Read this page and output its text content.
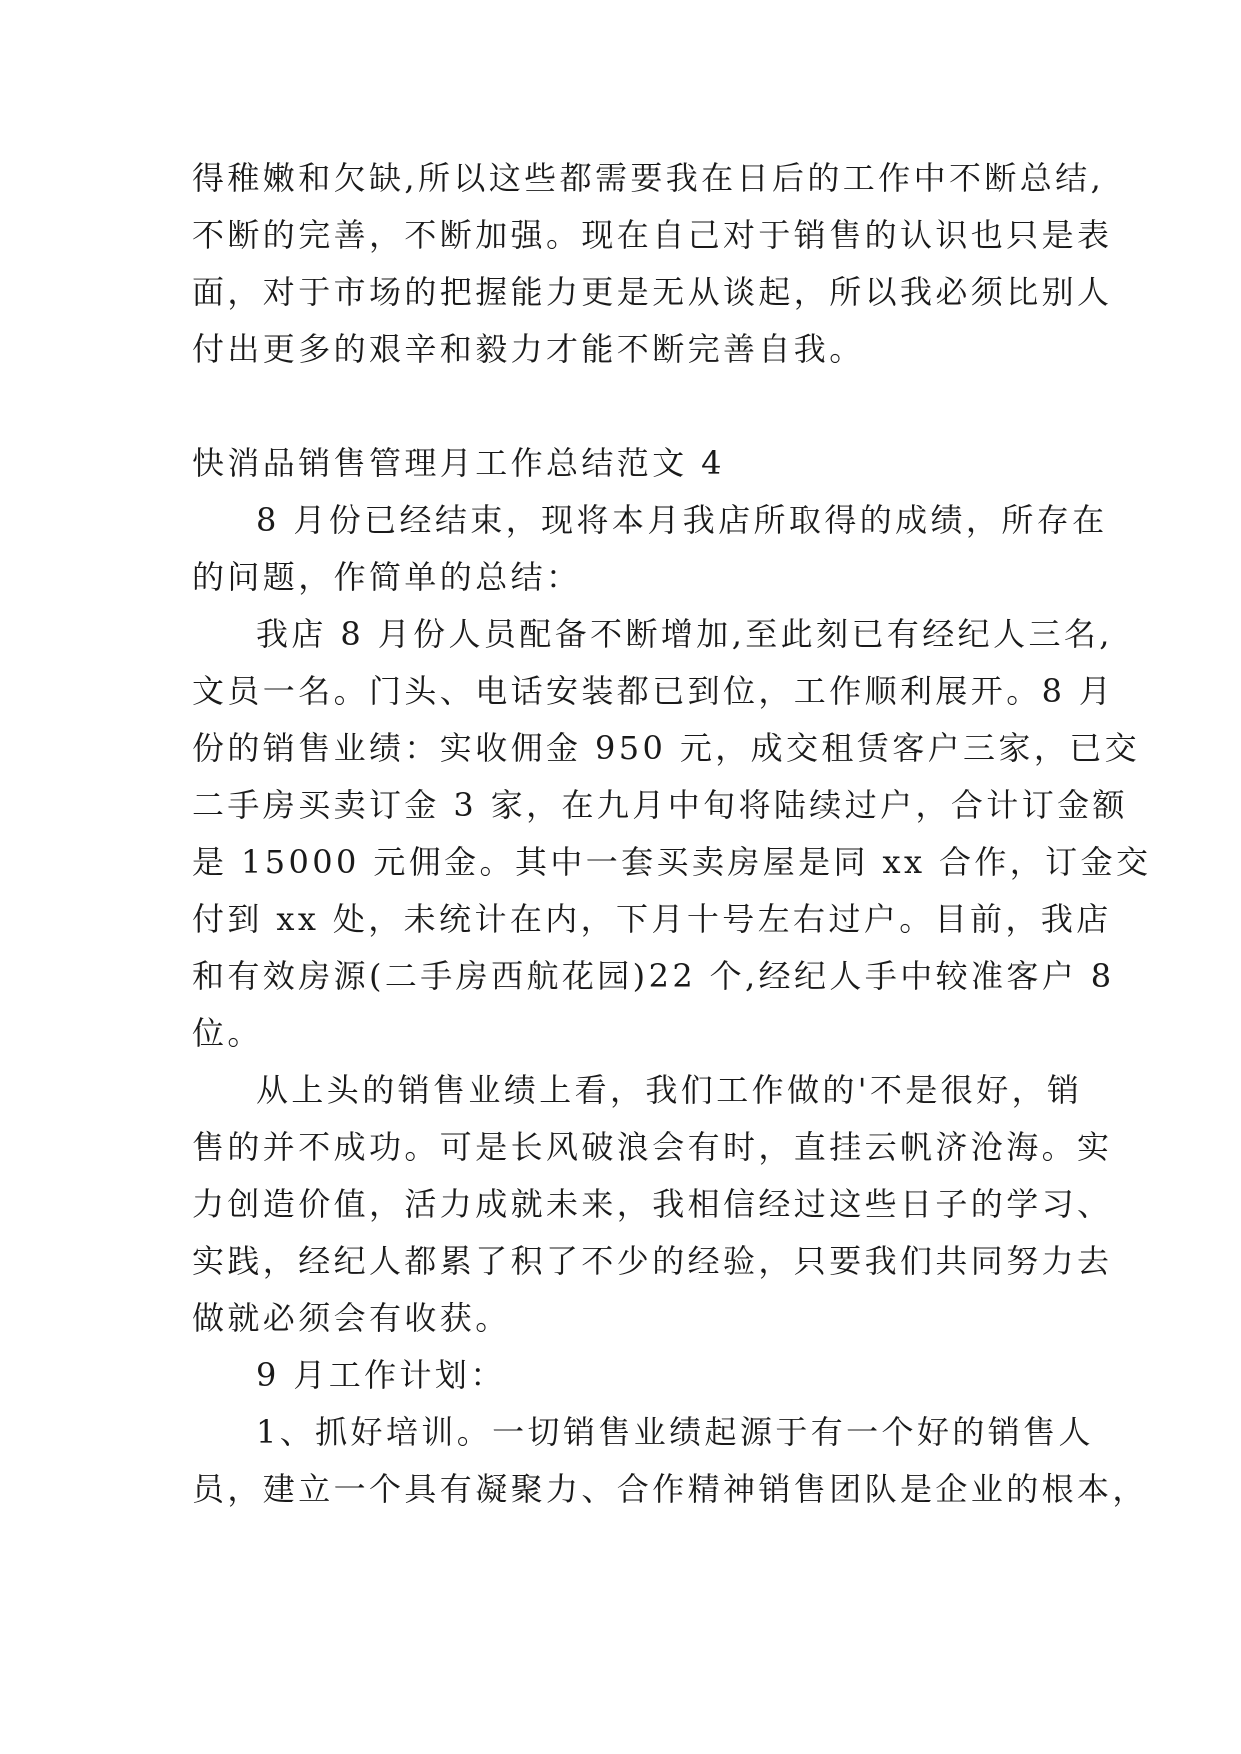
得稚嫩和欠缺,所以这些都需要我在日后的工作中不断总结,
不断的完善，不断加强。现在自己对于销售的认识也只是表
面，对于市场的把握能力更是无从谈起，所以我必须比别人
付出更多的艰辛和毅力才能不断完善自我。
快消品销售管理月工作总结范文 4
8 月份已经结束，现将本月我店所取得的成绩，所存在
的问题，作简单的总结：
我店 8 月份人员配备不断增加,至此刻已有经纪人三名,
文员一名。门头、电话安装都已到位，工作顺利展开。8 月
份的销售业绩：实收佣金 950 元，成交租赁客户三家，已交
二手房买卖订金 3 家，在九月中旬将陆续过户，合计订金额
是 15000 元佣金。其中一套买卖房屋是同 xx 合作，订金交
付到 xx 处，未统计在内，下月十号左右过户。目前，我店
和有效房源(二手房西航花园)22 个,经纪人手中较准客户 8
位。
从上头的销售业绩上看，我们工作做的'不是很好，销
售的并不成功。可是长风破浪会有时，直挂云帆济沧海。实
力创造价值，活力成就未来，我相信经过这些日子的学习、
实践，经纪人都累了积了不少的经验，只要我们共同努力去
做就必须会有收获。
9 月工作计划：
1、抓好培训。一切销售业绩起源于有一个好的销售人
员，建立一个具有凝聚力、合作精神销售团队是企业的根本，
